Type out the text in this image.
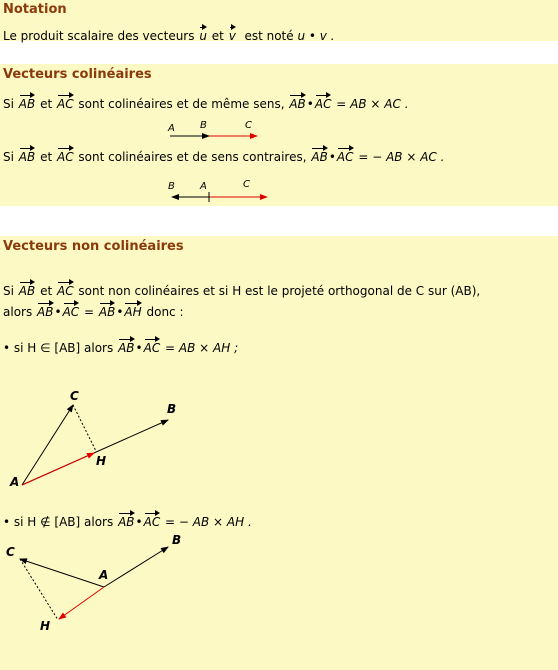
Notation
Le produit scalaire des vecteurs u et v est noté u • v .
Vecteurs colinéaires
Si AB et AC sont colinéaires et de même sens, AB•AC = AB × AC .
Si AB et AC sont colinéaires et de sens contraires, AB•AC = − AB × AC .
Vecteurs non colinéaires
Si AB et AC sont non colinéaires et si H est le projeté orthogonal de C sur (AB),
alors AB•AC = AB•AH donc :
• si H ∈ [AB] alors AB•AC = AB × AH ;
• si H ∉ [AB] alors AB•AC = − AB × AH .
A	B	C
B	A	C
A
B
C
H
A
B
C
H
